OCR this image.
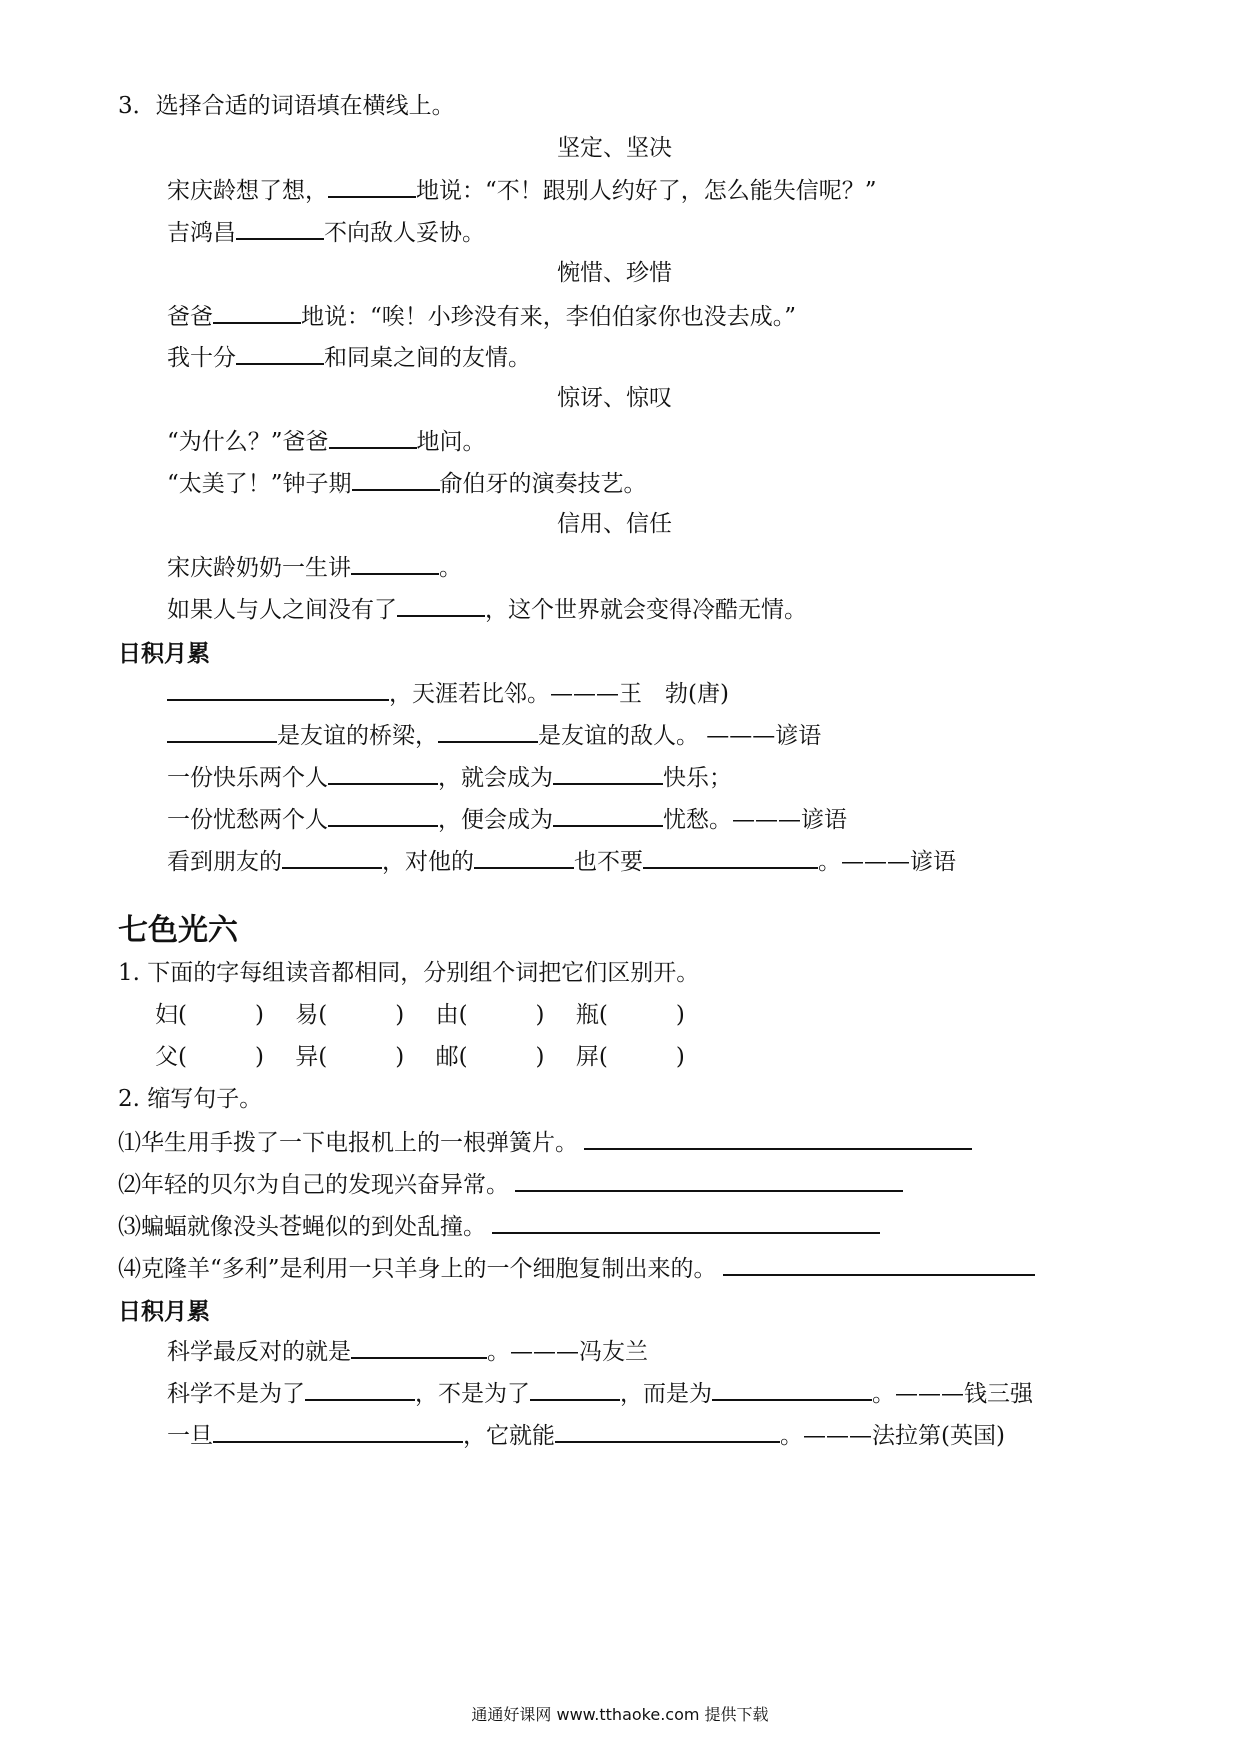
3．选择合适的词语填在横线上。
坚定、坚决
宋庆龄想了想，	地说：“不！跟别人约好了，怎么能失信呢？”
吉鸿昌	不向敌人妥协。
惋惜、珍惜
爸爸	地说：“唉！小珍没有来，李伯伯家你也没去成。”
我十分	和同桌之间的友情。
惊讶、惊叹
“为什么？”爸爸	地问。
“太美了！”钟子期	俞伯牙的演奏技艺。
信用、信任
宋庆龄奶奶一生讲	。
如果人与人之间没有了	，这个世界就会变得冷酷无情。
日积月累
，天涯若比邻。———王　勃(唐)
是友谊的桥梁，	是友谊的敌人。 ———谚语
一份快乐两个人	，就会成为	快乐；
一份忧愁两个人	，便会成为	忧愁。———谚语
看到朋友的	，对他的	也不要	。———谚语
七色光六
1. 下面的字每组读音都相同，分别组个词把它们区别开。
妇(	) 易(	) 由(	) 瓶(	)
父(	) 异(	) 邮(	) 屏(	)
2. 缩写句子。
⑴华生用手拨了一下电报机上的一根弹簧片。
⑵年轻的贝尔为自己的发现兴奋异常。
⑶蝙蝠就像没头苍蝇似的到处乱撞。
⑷克隆羊“多利”是利用一只羊身上的一个细胞复制出来的。
日积月累
科学最反对的就是	。———冯友兰
科学不是为了	，不是为了	，而是为	。———钱三强
一旦	，它就能	。———法拉第(英国)
通通好课网 www.tthaoke.com 提供下载
